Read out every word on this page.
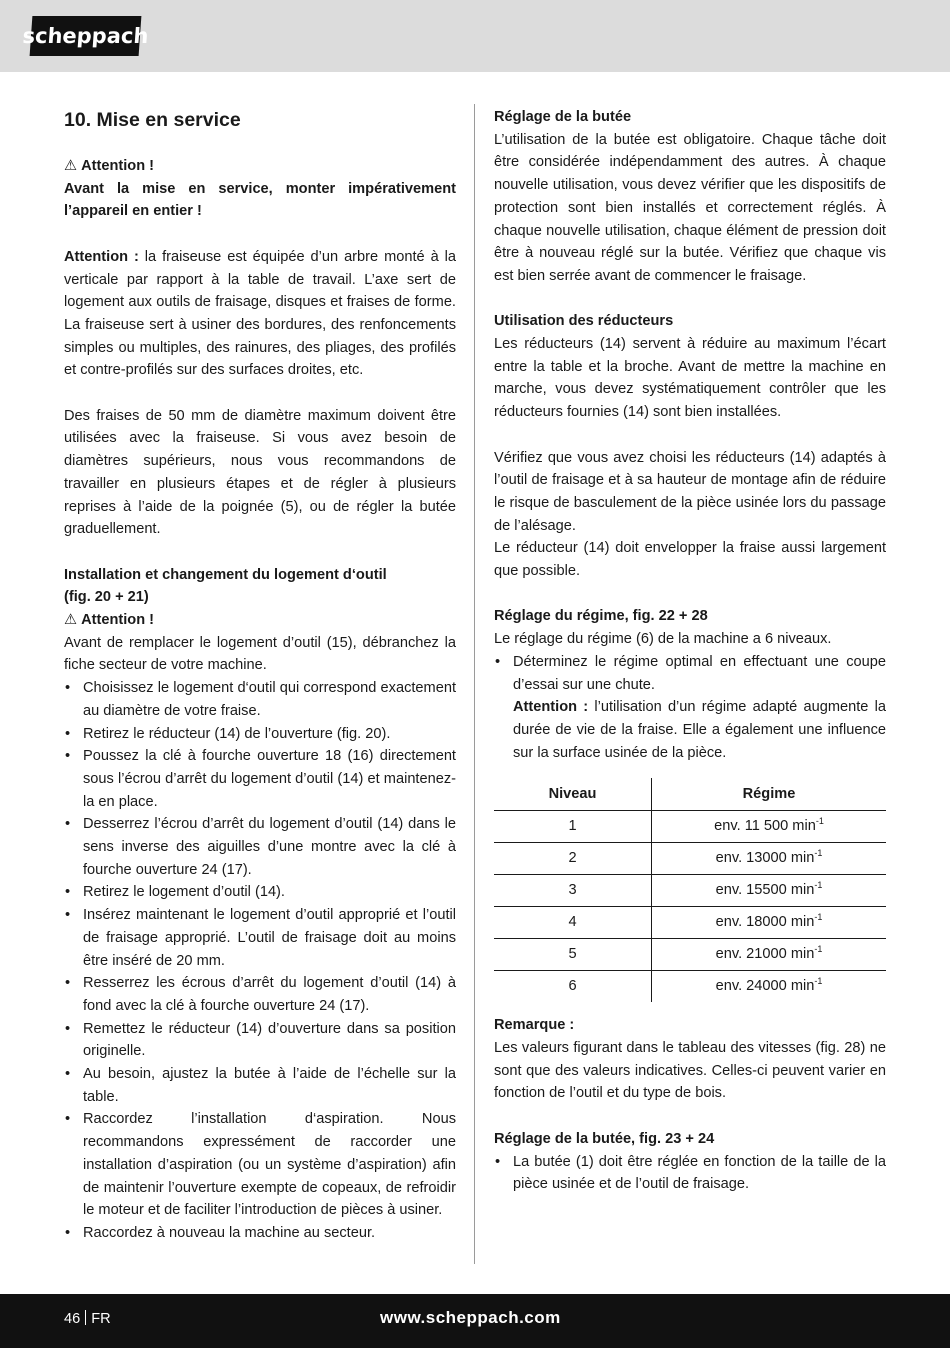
scheppach
10. Mise en service
⚠ Attention !

Avant la mise en service, monter impérativement l’appareil en entier !

Attention : la fraiseuse est équipée d’un arbre monté à la verticale par rapport à la table de travail. L’axe sert de logement aux outils de fraisage, disques et fraises de forme. La fraiseuse sert à usiner des bordures, des renfoncements simples ou multiples, des rainures, des pliages, des profilés et contre-profilés sur des surfaces droites, etc.

Des fraises de 50 mm de diamètre maximum doivent être utilisées avec la fraiseuse. Si vous avez besoin de diamètres supérieurs, nous vous recommandons de travailler en plusieurs étapes et de régler à plusieurs reprises à l’aide de la poignée (5), ou de régler la butée graduellement.

Installation et changement du logement d‘outil
(fig. 20 + 21)
⚠ Attention !

Avant de remplacer le logement d’outil (15), débranchez la fiche secteur de votre machine.

• Choisissez le logement d‘outil qui correspond exactement au diamètre de votre fraise.
• Retirez le réducteur (14) de l’ouverture (fig. 20).
• Poussez la clé à fourche ouverture 18 (16) directement sous l’écrou d’arrêt du logement d’outil (14) et maintenez-la en place.
• Desserrez l’écrou d’arrêt du logement d’outil (14) dans le sens inverse des aiguilles d’une montre avec la clé à fourche ouverture 24 (17).
• Retirez le logement d’outil (14).
• Insérez maintenant le logement d’outil approprié et l’outil de fraisage approprié. L’outil de fraisage doit au moins être inséré de 20 mm.
• Resserrez les écrous d’arrêt du logement d’outil (14) à fond avec la clé à fourche ouverture 24 (17).
• Remettez le réducteur (14) d’ouverture dans sa position originelle.
• Au besoin, ajustez la butée à l’aide de l’échelle sur la table.
• Raccordez l’installation d‘aspiration. Nous recommandons expressément de raccorder une installation d’aspiration (ou un système d’aspiration) afin de maintenir l’ouverture exempte de copeaux, de refroidir le moteur et de faciliter l’introduction de pièces à usiner.
• Raccordez à nouveau la machine au secteur.
Réglage de la butée

L’utilisation de la butée est obligatoire. Chaque tâche doit être considérée indépendamment des autres. À chaque nouvelle utilisation, vous devez vérifier que les dispositifs de protection sont bien installés et correctement réglés. À chaque nouvelle utilisation, chaque élément de pression doit être à nouveau réglé sur la butée. Vérifiez que chaque vis est bien serrée avant de commencer le fraisage.

Utilisation des réducteurs

Les réducteurs (14) servent à réduire au maximum l’écart entre la table et la broche. Avant de mettre la machine en marche, vous devez systématiquement contrôler que les réducteurs fournies (14) sont bien installées.

Vérifiez que vous avez choisi les réducteurs (14) adaptés à l’outil de fraisage et à sa hauteur de montage afin de réduire le risque de basculement de la pièce usinée lors du passage de l’alésage.

Le réducteur (14) doit envelopper la fraise aussi largement que possible.

Réglage du régime, fig. 22 + 28

Le réglage du régime (6) de la machine a 6 niveaux.

• Déterminez le régime optimal en effectuant une coupe d’essai sur une chute.
Attention : l’utilisation d’un régime adapté augmente la durée de vie de la fraise. Elle a également une influence sur la surface usinée de la pièce.
Niveau	Régime
1	env. 11 500 $\min^{-1}$
2	env. 13000 $\min^{-1}$
3	env. 15500 $\min^{-1}$
4	env. 18000 $\min^{-1}$
5	env. 21000 $\min^{-1}$
6	env. 24000 $\min^{-1}$
Remarque :

Les valeurs figurant dans le tableau des vitesses (fig. 28) ne sont que des valeurs indicatives. Celles-ci peuvent varier en fonction de l’outil et du type de bois.

Réglage de la butée, fig. 23 + 24
• La butée (1) doit être réglée en fonction de la taille de la pièce usinée et de l’outil de fraisage.
46 FR	www.scheppach.com
